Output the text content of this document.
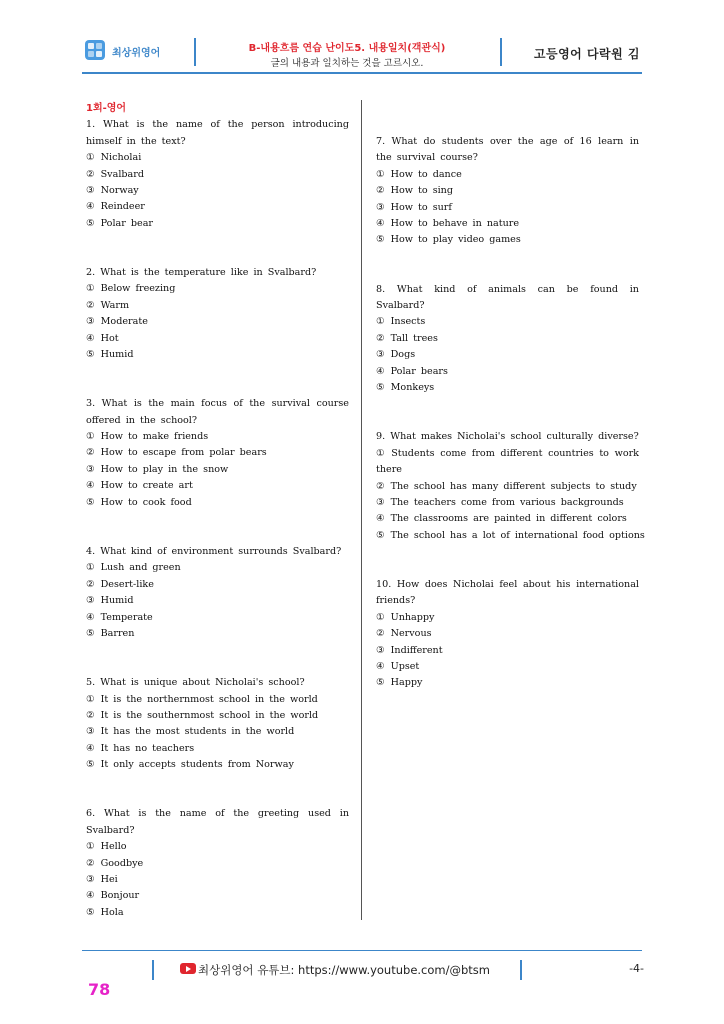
최상위영어	B-내용흐름 연습 난이도5. 내용일치(객관식)
글의 내용과 일치하는 것을 고르시오.
고등영어 다락원 김
1회-영어
1. What is the name of the person introducing himself in the text?
① Nicholai
② Svalbard
③ Norway
④ Reindeer
⑤ Polar bear
2. What is the temperature like in Svalbard?
① Below freezing
② Warm
③ Moderate
④ Hot
⑤ Humid
3. What is the main focus of the survival course offered in the school?
① How to make friends
② How to escape from polar bears
③ How to play in the snow
④ How to create art
⑤ How to cook food
4. What kind of environment surrounds Svalbard?
① Lush and green
② Desert-like
③ Humid
④ Temperate
⑤ Barren
5. What is unique about Nicholai's school?
① It is the northernmost school in the world
② It is the southernmost school in the world
③ It has the most students in the world
④ It has no teachers
⑤ It only accepts students from Norway
6. What is the name of the greeting used in Svalbard?
① Hello
② Goodbye
③ Hei
④ Bonjour
⑤ Hola
7. What do students over the age of 16 learn in the survival course?
① How to dance
② How to sing
③ How to surf
④ How to behave in nature
⑤ How to play video games
8. What kind of animals can be found in Svalbard?
① Insects
② Tall trees
③ Dogs
④ Polar bears
⑤ Monkeys
9. What makes Nicholai's school culturally diverse?
① Students come from different countries to work there
② The school has many different subjects to study
③ The teachers come from various backgrounds
④ The classrooms are painted in different colors
⑤ The school has a lot of international food options
10. How does Nicholai feel about his international friends?
① Unhappy
② Nervous
③ Indifferent
④ Upset
⑤ Happy
최상위영어 유튜브: https://www.youtube.com/@btsm	-4-
78
